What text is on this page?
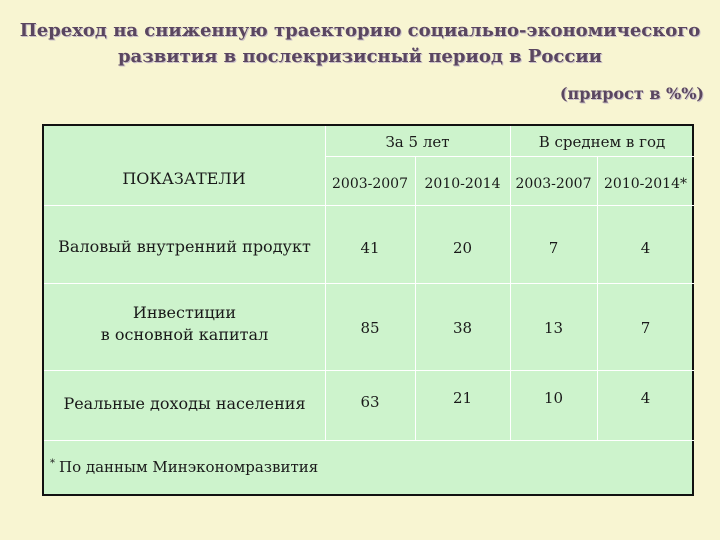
Переход на сниженную траекторию социально-экономического
развития в послекризисный период в России
(прирост в %%)
ПОКАЗАТЕЛИ
За 5 лет	В среднем в год
2003-2007	2010-2014	2003-2007 2010-2014*
Валовый внутренний продукт	41	20	7	4
Инвестиции
в основной капитал	85	38	13	7
Реальные доходы населения	63	21	10	4
* По данным Минэкономразвития
